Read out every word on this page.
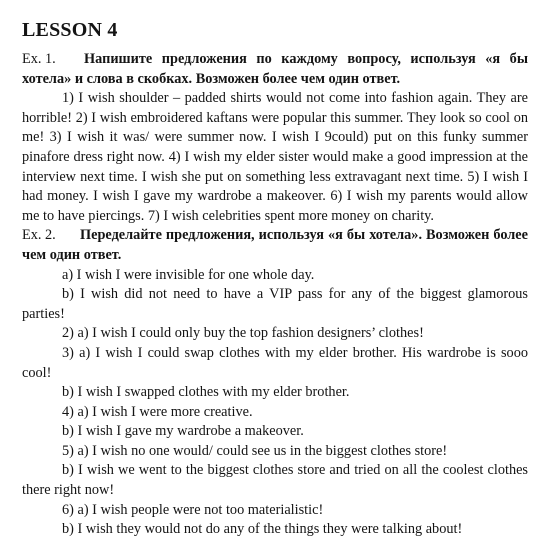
LESSON 4

Ex. 1. Напишите предложения по каждому вопросу, используя «я бы хотела» и слова в скобках. Возможен более чем один ответ.

1) I wish shoulder – padded shirts would not come into fashion again. They are horrible! 2) I wish embroidered kaftans were popular this summer. They look so cool on me! 3) I wish it was/ were summer now. I wish I 9could) put on this funky summer pinafore dress right now. 4) I wish my elder sister would make a good impression at the interview next time. I wish she put on something less extravagant next time. 5) I wish I had money. I wish I gave my wardrobe a makeover. 6) I wish my parents would allow me to have piercings. 7) I wish celebrities spent more money on charity.

Ex. 2. Переделайте предложения, используя «я бы хотела». Возможен более чем один ответ.

a) I wish I were invisible for one whole day.

b) I wish did not need to have a VIP pass for any of the biggest glamorous parties!

2) a) I wish I could only buy the top fashion designers’ clothes!

3) a) I wish I could swap clothes with my elder brother. His wardrobe is sooo cool!

b) I wish I swapped clothes with my elder brother.

4) a) I wish I were more creative.

b) I wish I gave my wardrobe a makeover.

5) a) I wish no one would/ could see us in the biggest clothes store!

b) I wish we went to the biggest clothes store and tried on all the coolest clothes there right now!

6) a) I wish people were not too materialistic!

b) I wish they would not do any of the things they were talking about!
